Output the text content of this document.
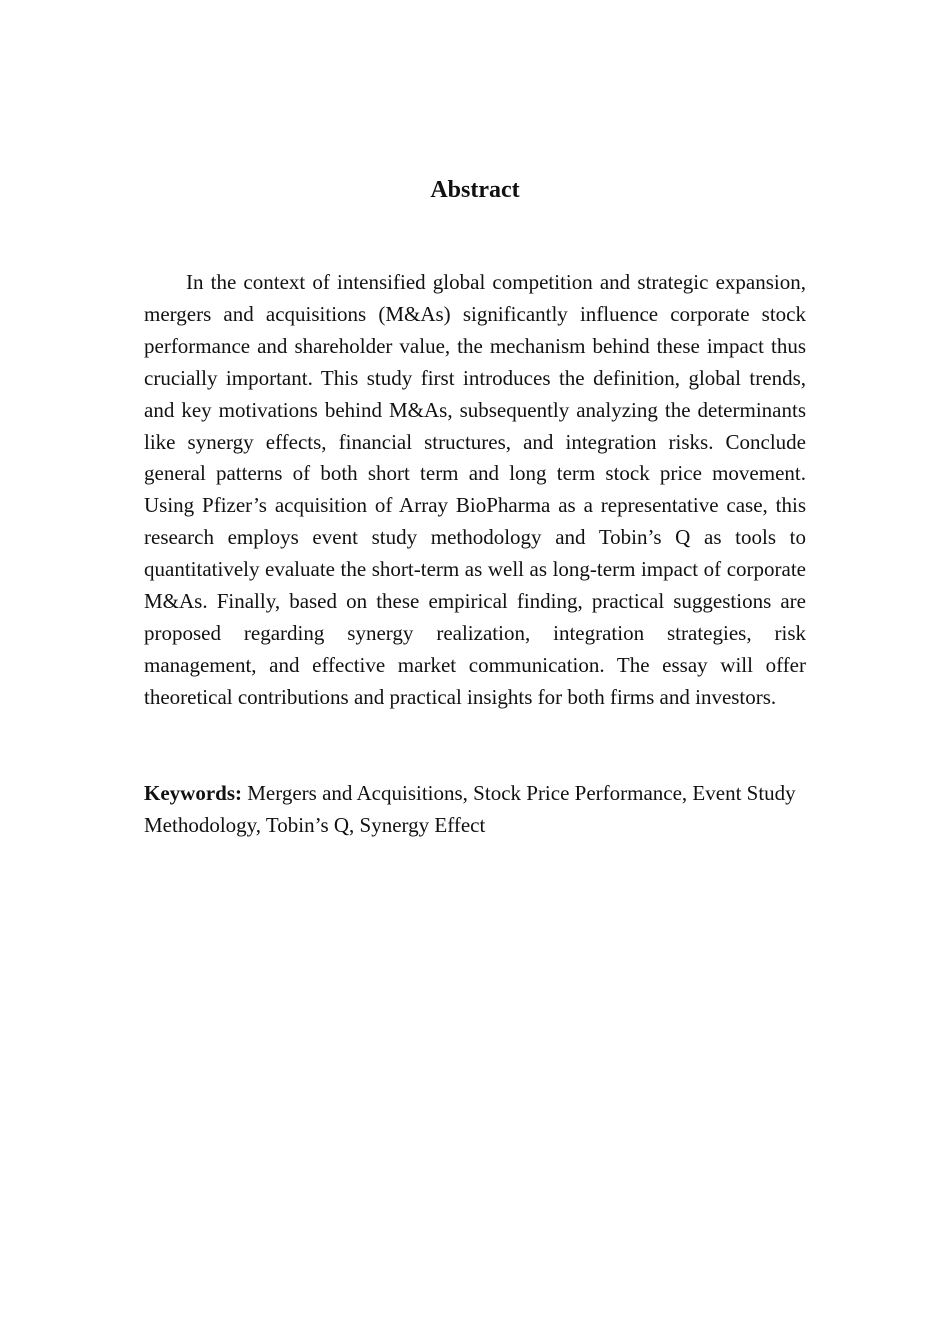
Abstract

In the context of intensified global competition and strategic expansion, mergers and acquisitions (M&As) significantly influence corporate stock performance and shareholder value, the mechanism behind these impact thus crucially important. This study first introduces the definition, global trends, and key motivations behind M&As, subsequently analyzing the determinants like synergy effects, financial structures, and integration risks. Conclude general patterns of both short term and long term stock price movement. Using Pfizer’s acquisition of Array BioPharma as a representative case, this research employs event study methodology and Tobin’s Q as tools to quantitatively evaluate the short-term as well as long-term impact of corporate M&As. Finally, based on these empirical finding, practical suggestions are proposed regarding synergy realization, integration strategies, risk management, and effective market communication. The essay will offer theoretical contributions and practical insights for both firms and investors.

Keywords: Mergers and Acquisitions, Stock Price Performance, Event Study Methodology, Tobin’s Q, Synergy Effect
